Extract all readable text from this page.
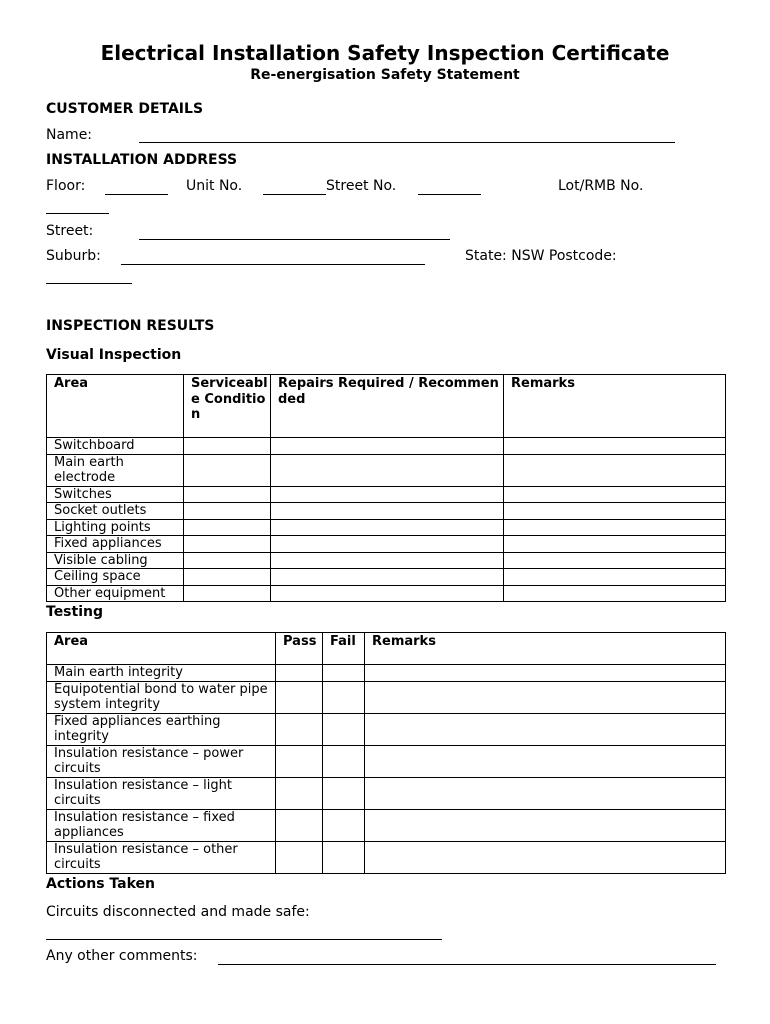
Electrical Installation Safety Inspection Certificate
Re-energisation Safety Statement
CUSTOMER DETAILS
Name:
INSTALLATION ADDRESS
Floor:	Unit No.	Street No.	Lot/RMB No.
Street:
Suburb:	State: NSW Postcode:
INSPECTION RESULTS
Visual Inspection
Area	Serviceable Condition	Repairs Required / Recommended	Remarks
Switchboard			
Main earth electrode			
Switches			
Socket outlets			
Lighting points			
Fixed appliances			
Visible cabling			
Ceiling space			
Other equipment			
Testing
Area	Pass	Fail	Remarks
Main earth integrity			
Equipotential bond to water pipe system integrity			
Fixed appliances earthing integrity			
Insulation resistance – power circuits			
Insulation resistance – light circuits			
Insulation resistance – fixed appliances			
Insulation resistance – other circuits			
Actions Taken
Circuits disconnected and made safe:
Any other comments:
